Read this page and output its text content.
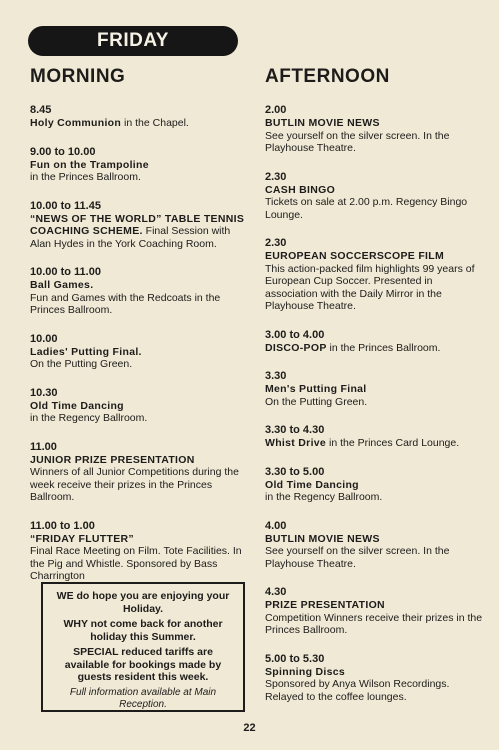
FRIDAY
MORNING
8.45
Holy Communion in the Chapel.
9.00 to 10.00
Fun on the Trampoline
in the Princes Ballroom.
10.00 to 11.45
“NEWS OF THE WORLD” TABLE TENNIS COACHING SCHEME. Final Session with Alan Hydes in the York Coaching Room.
10.00 to 11.00
Ball Games.
Fun and Games with the Redcoats in the Princes Ballroom.
10.00
Ladies' Putting Final.
On the Putting Green.
10.30
Old Time Dancing
in the Regency Ballroom.
11.00
JUNIOR PRIZE PRESENTATION
Winners of all Junior Competitions during the week receive their prizes in the Princes Ballroom.
11.00 to 1.00
“FRIDAY FLUTTER”
Final Race Meeting on Film. Tote Facilities. In the Pig and Whistle. Sponsored by Bass Charrington
AFTERNOON
2.00
BUTLIN MOVIE NEWS
See yourself on the silver screen. In the Playhouse Theatre.
2.30
CASH BINGO
Tickets on sale at 2.00 p.m. Regency Bingo Lounge.
2.30
EUROPEAN SOCCERSCOPE FILM
This action-packed film highlights 99 years of European Cup Soccer. Presented in association with the Daily Mirror in the Playhouse Theatre.
3.00 to 4.00
DISCO-POP in the Princes Ballroom.
3.30
Men's Putting Final
On the Putting Green.
3.30 to 4.30
Whist Drive in the Princes Card Lounge.
3.30 to 5.00
Old Time Dancing
in the Regency Ballroom.
4.00
BUTLIN MOVIE NEWS
See yourself on the silver screen. In the Playhouse Theatre.
4.30
PRIZE PRESENTATION
Competition Winners receive their prizes in the Princes Ballroom.
5.00 to 5.30
Spinning Discs
Sponsored by Anya Wilson Recordings. Relayed to the coffee lounges.
WE do hope you are enjoying your Holiday.
WHY not come back for another holiday this Summer.
SPECIAL reduced tariffs are available for bookings made by guests resident this week.
Full information available at Main Reception.
22
